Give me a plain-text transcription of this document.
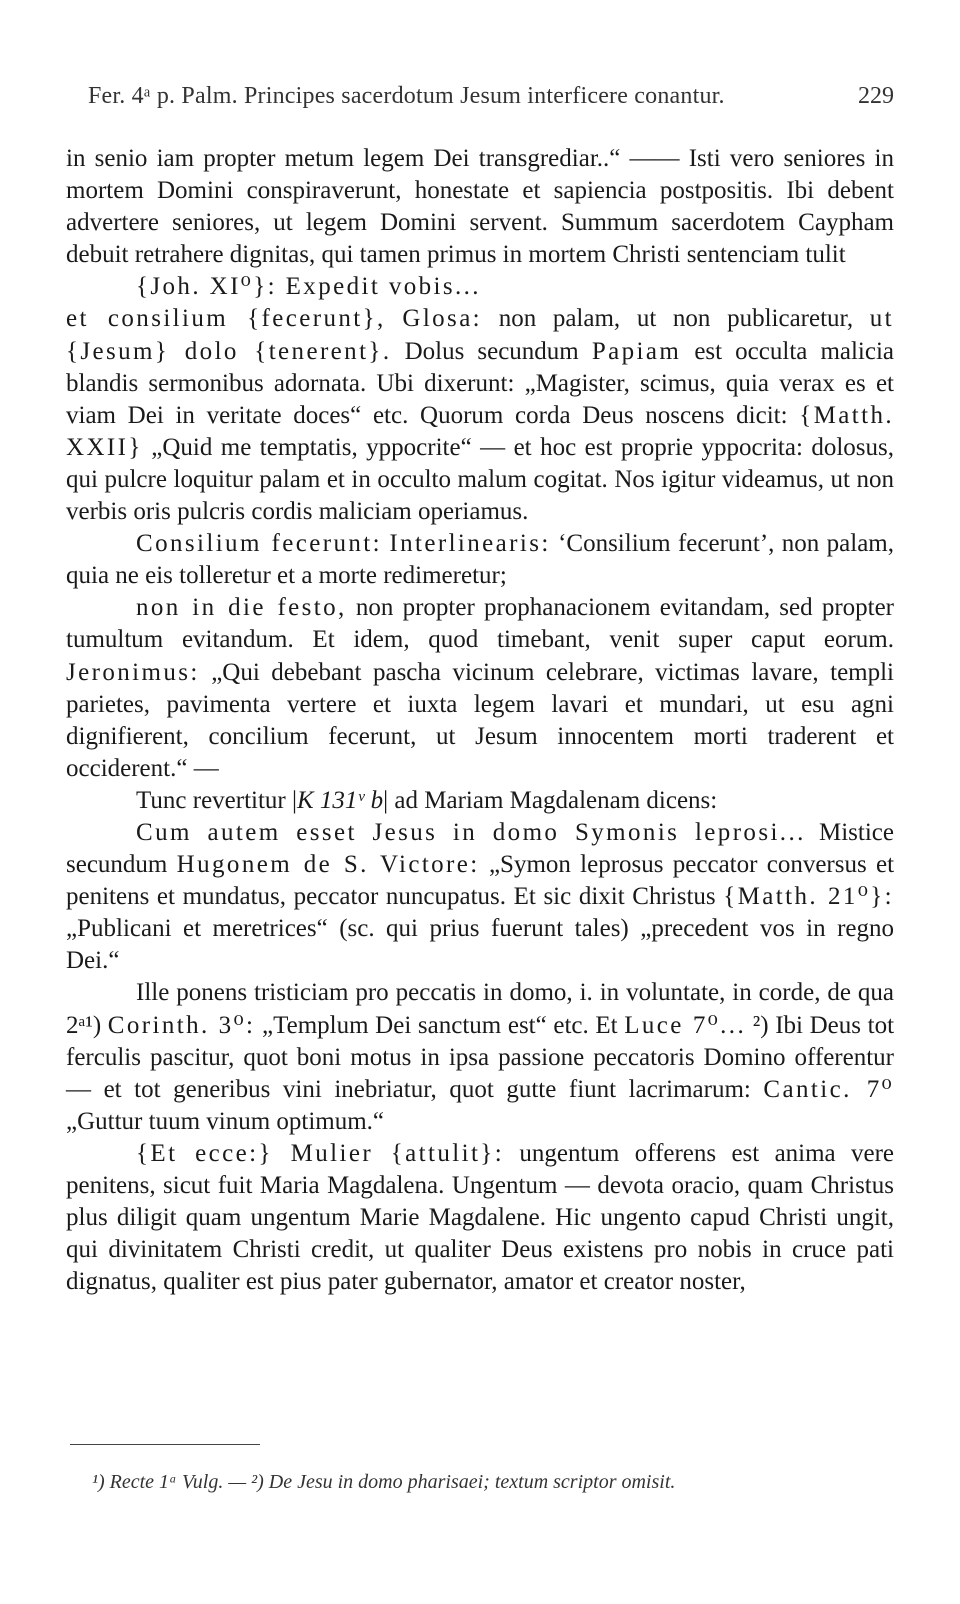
Fer. 4ᵃ p. Palm. Principes sacerdotum Jesum interficere conantur.	229

in senio iam propter metum legem Dei transgrediar..“ —— Isti vero seniores in mortem Domini conspiraverunt, honestate et sapiencia postpositis. Ibi debent advertere seniores, ut legem Domini servent. Summum sacerdotem Caypham debuit retrahere dignitas, qui tamen primus in mortem Christi sentenciam tulit

{Joh. XI⁰}: Expedit vobis...
et consilium {fecerunt}, Glosa: non palam, ut non publicaretur, ut {Jesum} dolo {tenerent}. Dolus secundum Papiam est occulta malicia blandis sermonibus adornata. Ubi dixerunt: „Magister, scimus, quia verax es et viam Dei in veritate doces“ etc. Quorum corda Deus noscens dicit: {Matth. XXII} „Quid me temptatis, yppocrite“ — et hoc est proprie yppocrita: dolosus, qui pulcre loquitur palam et in occulto malum cogitat. Nos igitur videamus, ut non verbis oris pulcris cordis maliciam operiamus.

Consilium fecerunt: Interlinearis: ‘Consilium fecerunt’, non palam, quia ne eis tolleretur et a morte redimeretur;

non in die festo, non propter prophanacionem evitandam, sed propter tumultum evitandum. Et idem, quod timebant, venit super caput eorum. Jeronimus: „Qui debebant pascha vicinum celebrare, victimas lavare, templi parietes, pavimenta vertere et iuxta legem lavari et mundari, ut esu agni dignifierent, concilium fecerunt, ut Jesum innocentem morti traderent et occiderent.“ —

Tunc revertitur |K 131ᵛ b| ad Mariam Magdalenam dicens:

Cum autem esset Jesus in domo Symonis leprosi... Mistice secundum Hugonem de S. Victore: „Symon leprosus peccator conversus et penitens et mundatus, peccator nuncupatus. Et sic dixit Christus {Matth. 21⁰}: „Publicani et meretrices“ (sc. qui prius fuerunt tales) „precedent vos in regno Dei.“

Ille ponens tristiciam pro peccatis in domo, i. in voluntate, in corde, de qua 2ᵃ¹) Corinth. 3⁰: „Templum Dei sanctum est“ etc. Et Luce 7⁰... ²) Ibi Deus tot ferculis pascitur, quot boni motus in ipsa passione peccatoris Domino offerentur — et tot generibus vini inebriatur, quot gutte fiunt lacrimarum: Cantic. 7⁰ „Guttur tuum vinum optimum.“

{Et ecce:} Mulier {attulit}: ungentum offerens est anima vere penitens, sicut fuit Maria Magdalena. Ungentum — devota oracio, quam Christus plus diligit quam ungentum Marie Magdalene. Hic ungento capud Christi ungit, qui divinitatem Christi credit, ut qualiter Deus existens pro nobis in cruce pati dignatus, qualiter est pius pater gubernator, amator et creator noster,

¹) Recte 1ᵃ Vulg. — ²) De Jesu in domo pharisaei; textum scriptor omisit.
